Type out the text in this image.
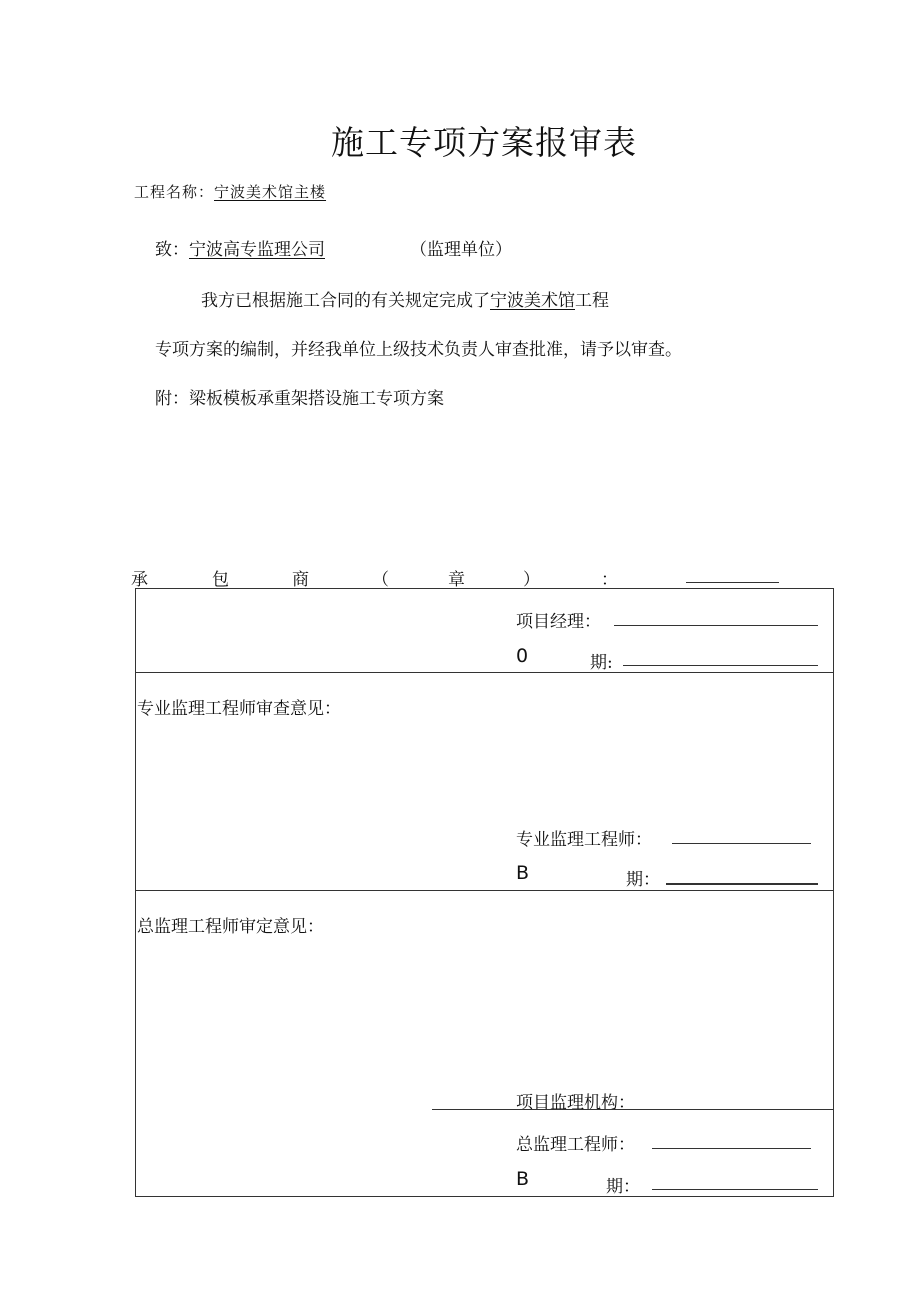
施工专项方案报审表
工程名称：宁波美术馆主楼
致：宁波高专监理公司	（监理单位）
我方已根据施工合同的有关规定完成了宁波美术馆工程
专项方案的编制，并经我单位上级技术负责人审查批准，请予以审查。
附：梁板模板承重架搭设施工专项方案
承	包	商	（	章	）	：
项目经理：
0	期:
专业监理工程师审查意见：
专业监理工程师：
B	期：
总监理工程师审定意见：
项目监理机构：
总监理工程师：
B	期：
